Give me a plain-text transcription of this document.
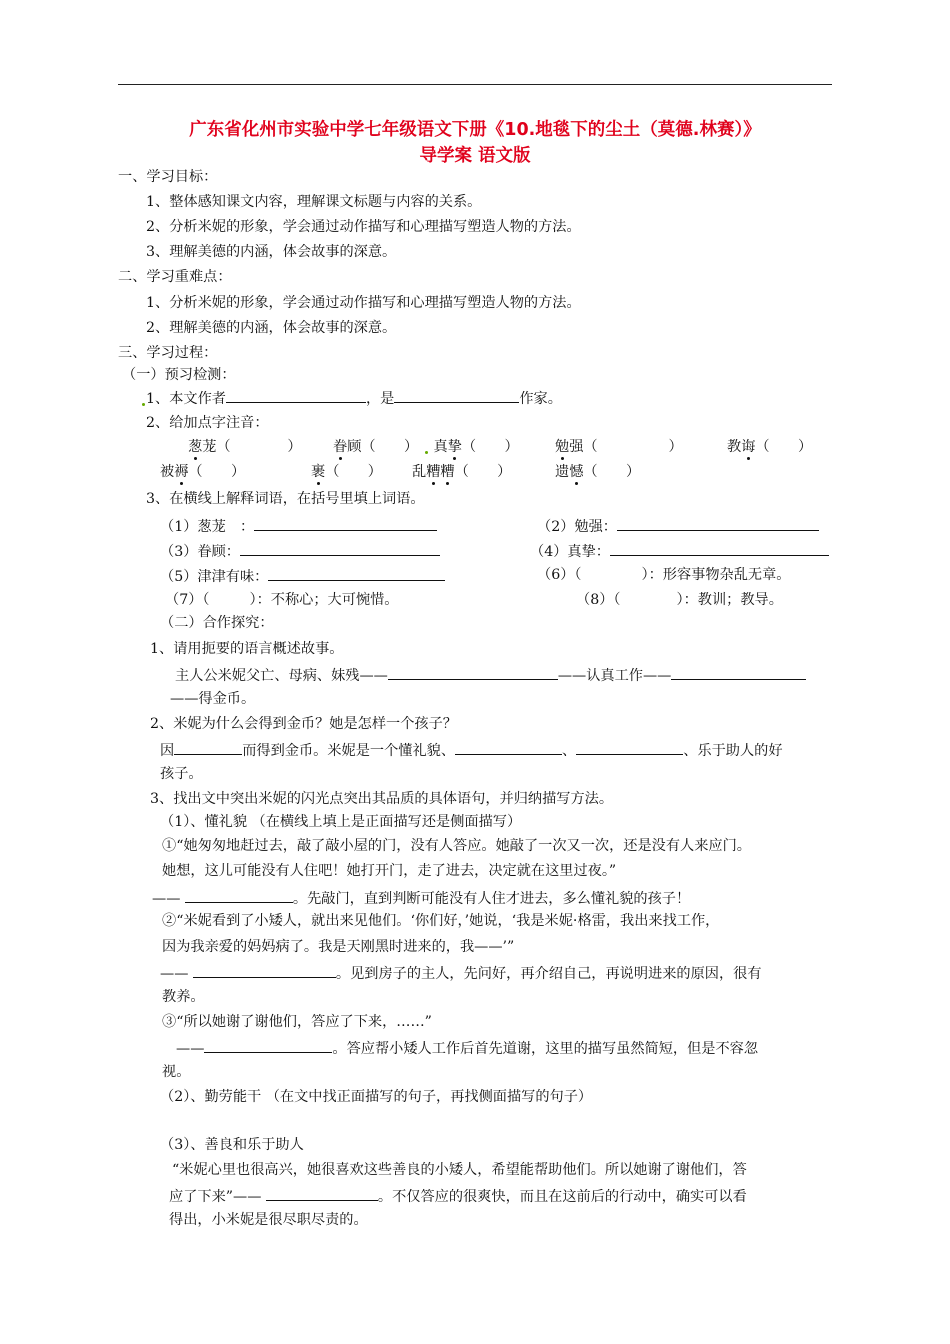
广东省化州市实验中学七年级语文下册《10.地毯下的尘土（莫德.林赛）》
导学案 语文版
一、学习目标：
1、整体感知课文内容，理解课文标题与内容的关系。
2、分析米妮的形象，学会通过动作描写和心理描写塑造人物的方法。
3、理解美德的内涵，体会故事的深意。
二、学习重难点：
1、分析米妮的形象，学会通过动作描写和心理描写塑造人物的方法。
2、理解美德的内涵，体会故事的深意。
三、学习过程：
（一）预习检测：
1、本文作者	，是	作家。
2、给加点字注音：
葱茏（　　　　） 眷顾（　　）	真挚（　　）	勉强（　　　　　）	教诲（　　）
被褥（　　）	裹（　　） 乱糟糟（　　）	遗憾（　　）
3、在横线上解释词语，在括号里填上词语。
（1）葱茏　：	（2）勉强：
（3）眷顾：	（4）真挚：
（5）津津有味：	（6）（	）：形容事物杂乱无章。
（7）（	）：不称心；大可惋惜。	（8）（	）：教训；教导。
（二）合作探究：
1、请用扼要的语言概述故事。
主人公米妮父亡、母病、妹残——	——认真工作——
——得金币。
2、米妮为什么会得到金币？她是怎样一个孩子？
因	而得到金币。米妮是一个懂礼貌、	、	、乐于助人的好
孩子。
3、找出文中突出米妮的闪光点突出其品质的具体语句，并归纳描写方法。
（1）、懂礼貌 （在横线上填上是正面描写还是侧面描写）
①“她匆匆地赶过去，敲了敲小屋的门，没有人答应。她敲了一次又一次，还是没有人来应门。
她想，这儿可能没有人住吧！她打开门，走了进去，决定就在这里过夜。”
——	。先敲门，直到判断可能没有人住才进去，多么懂礼貌的孩子！
②“米妮看到了小矮人，就出来见他们。‘你们好，’她说，‘我是米妮·格雷，我出来找工作，
因为我亲爱的妈妈病了。我是天刚黑时进来的，我——’”
——	。见到房子的主人，先问好，再介绍自己，再说明进来的原因，很有
教养。
③“所以她谢了谢他们，答应了下来，……”
——	。答应帮小矮人工作后首先道谢，这里的描写虽然简短，但是不容忽
视。
（2）、勤劳能干 （在文中找正面描写的句子，再找侧面描写的句子）
（3）、善良和乐于助人
“米妮心里也很高兴，她很喜欢这些善良的小矮人，希望能帮助他们。所以她谢了谢他们，答
应了下来”——	。不仅答应的很爽快，而且在这前后的行动中，确实可以看
得出，小米妮是很尽职尽责的。
